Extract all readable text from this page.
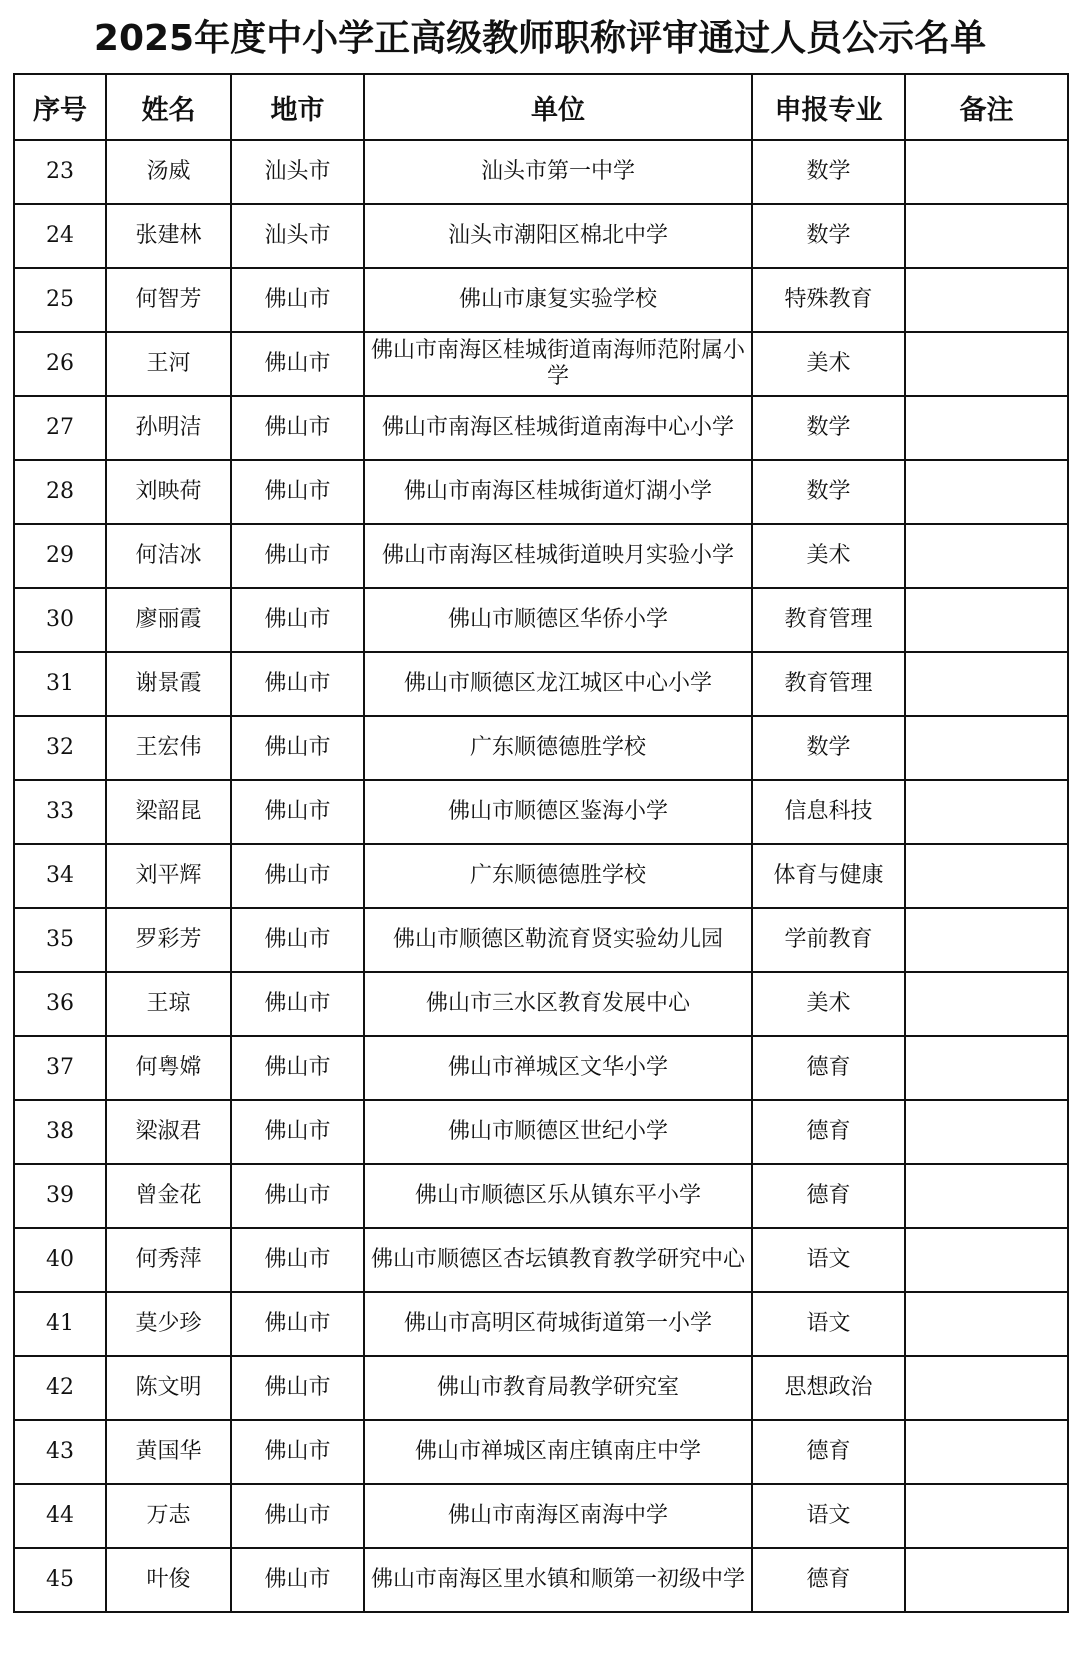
2025年度中小学正高级教师职称评审通过人员公示名单
序号	姓名	地市	单位	申报专业	备注
23	汤威	汕头市	汕头市第一中学	数学	
24	张建林	汕头市	汕头市潮阳区棉北中学	数学	
25	何智芳	佛山市	佛山市康复实验学校	特殊教育	
26	王河	佛山市	佛山市南海区桂城街道南海师范附属小学	美术	
27	孙明洁	佛山市	佛山市南海区桂城街道南海中心小学	数学	
28	刘映荷	佛山市	佛山市南海区桂城街道灯湖小学	数学	
29	何洁冰	佛山市	佛山市南海区桂城街道映月实验小学	美术	
30	廖丽霞	佛山市	佛山市顺德区华侨小学	教育管理	
31	谢景霞	佛山市	佛山市顺德区龙江城区中心小学	教育管理	
32	王宏伟	佛山市	广东顺德德胜学校	数学	
33	梁韶昆	佛山市	佛山市顺德区鉴海小学	信息科技	
34	刘平辉	佛山市	广东顺德德胜学校	体育与健康	
35	罗彩芳	佛山市	佛山市顺德区勒流育贤实验幼儿园	学前教育	
36	王琼	佛山市	佛山市三水区教育发展中心	美术	
37	何粤嫦	佛山市	佛山市禅城区文华小学	德育	
38	梁淑君	佛山市	佛山市顺德区世纪小学	德育	
39	曾金花	佛山市	佛山市顺德区乐从镇东平小学	德育	
40	何秀萍	佛山市	佛山市顺德区杏坛镇教育教学研究中心	语文	
41	莫少珍	佛山市	佛山市高明区荷城街道第一小学	语文	
42	陈文明	佛山市	佛山市教育局教学研究室	思想政治	
43	黄国华	佛山市	佛山市禅城区南庄镇南庄中学	德育	
44	万志	佛山市	佛山市南海区南海中学	语文	
45	叶俊	佛山市	佛山市南海区里水镇和顺第一初级中学	德育	
